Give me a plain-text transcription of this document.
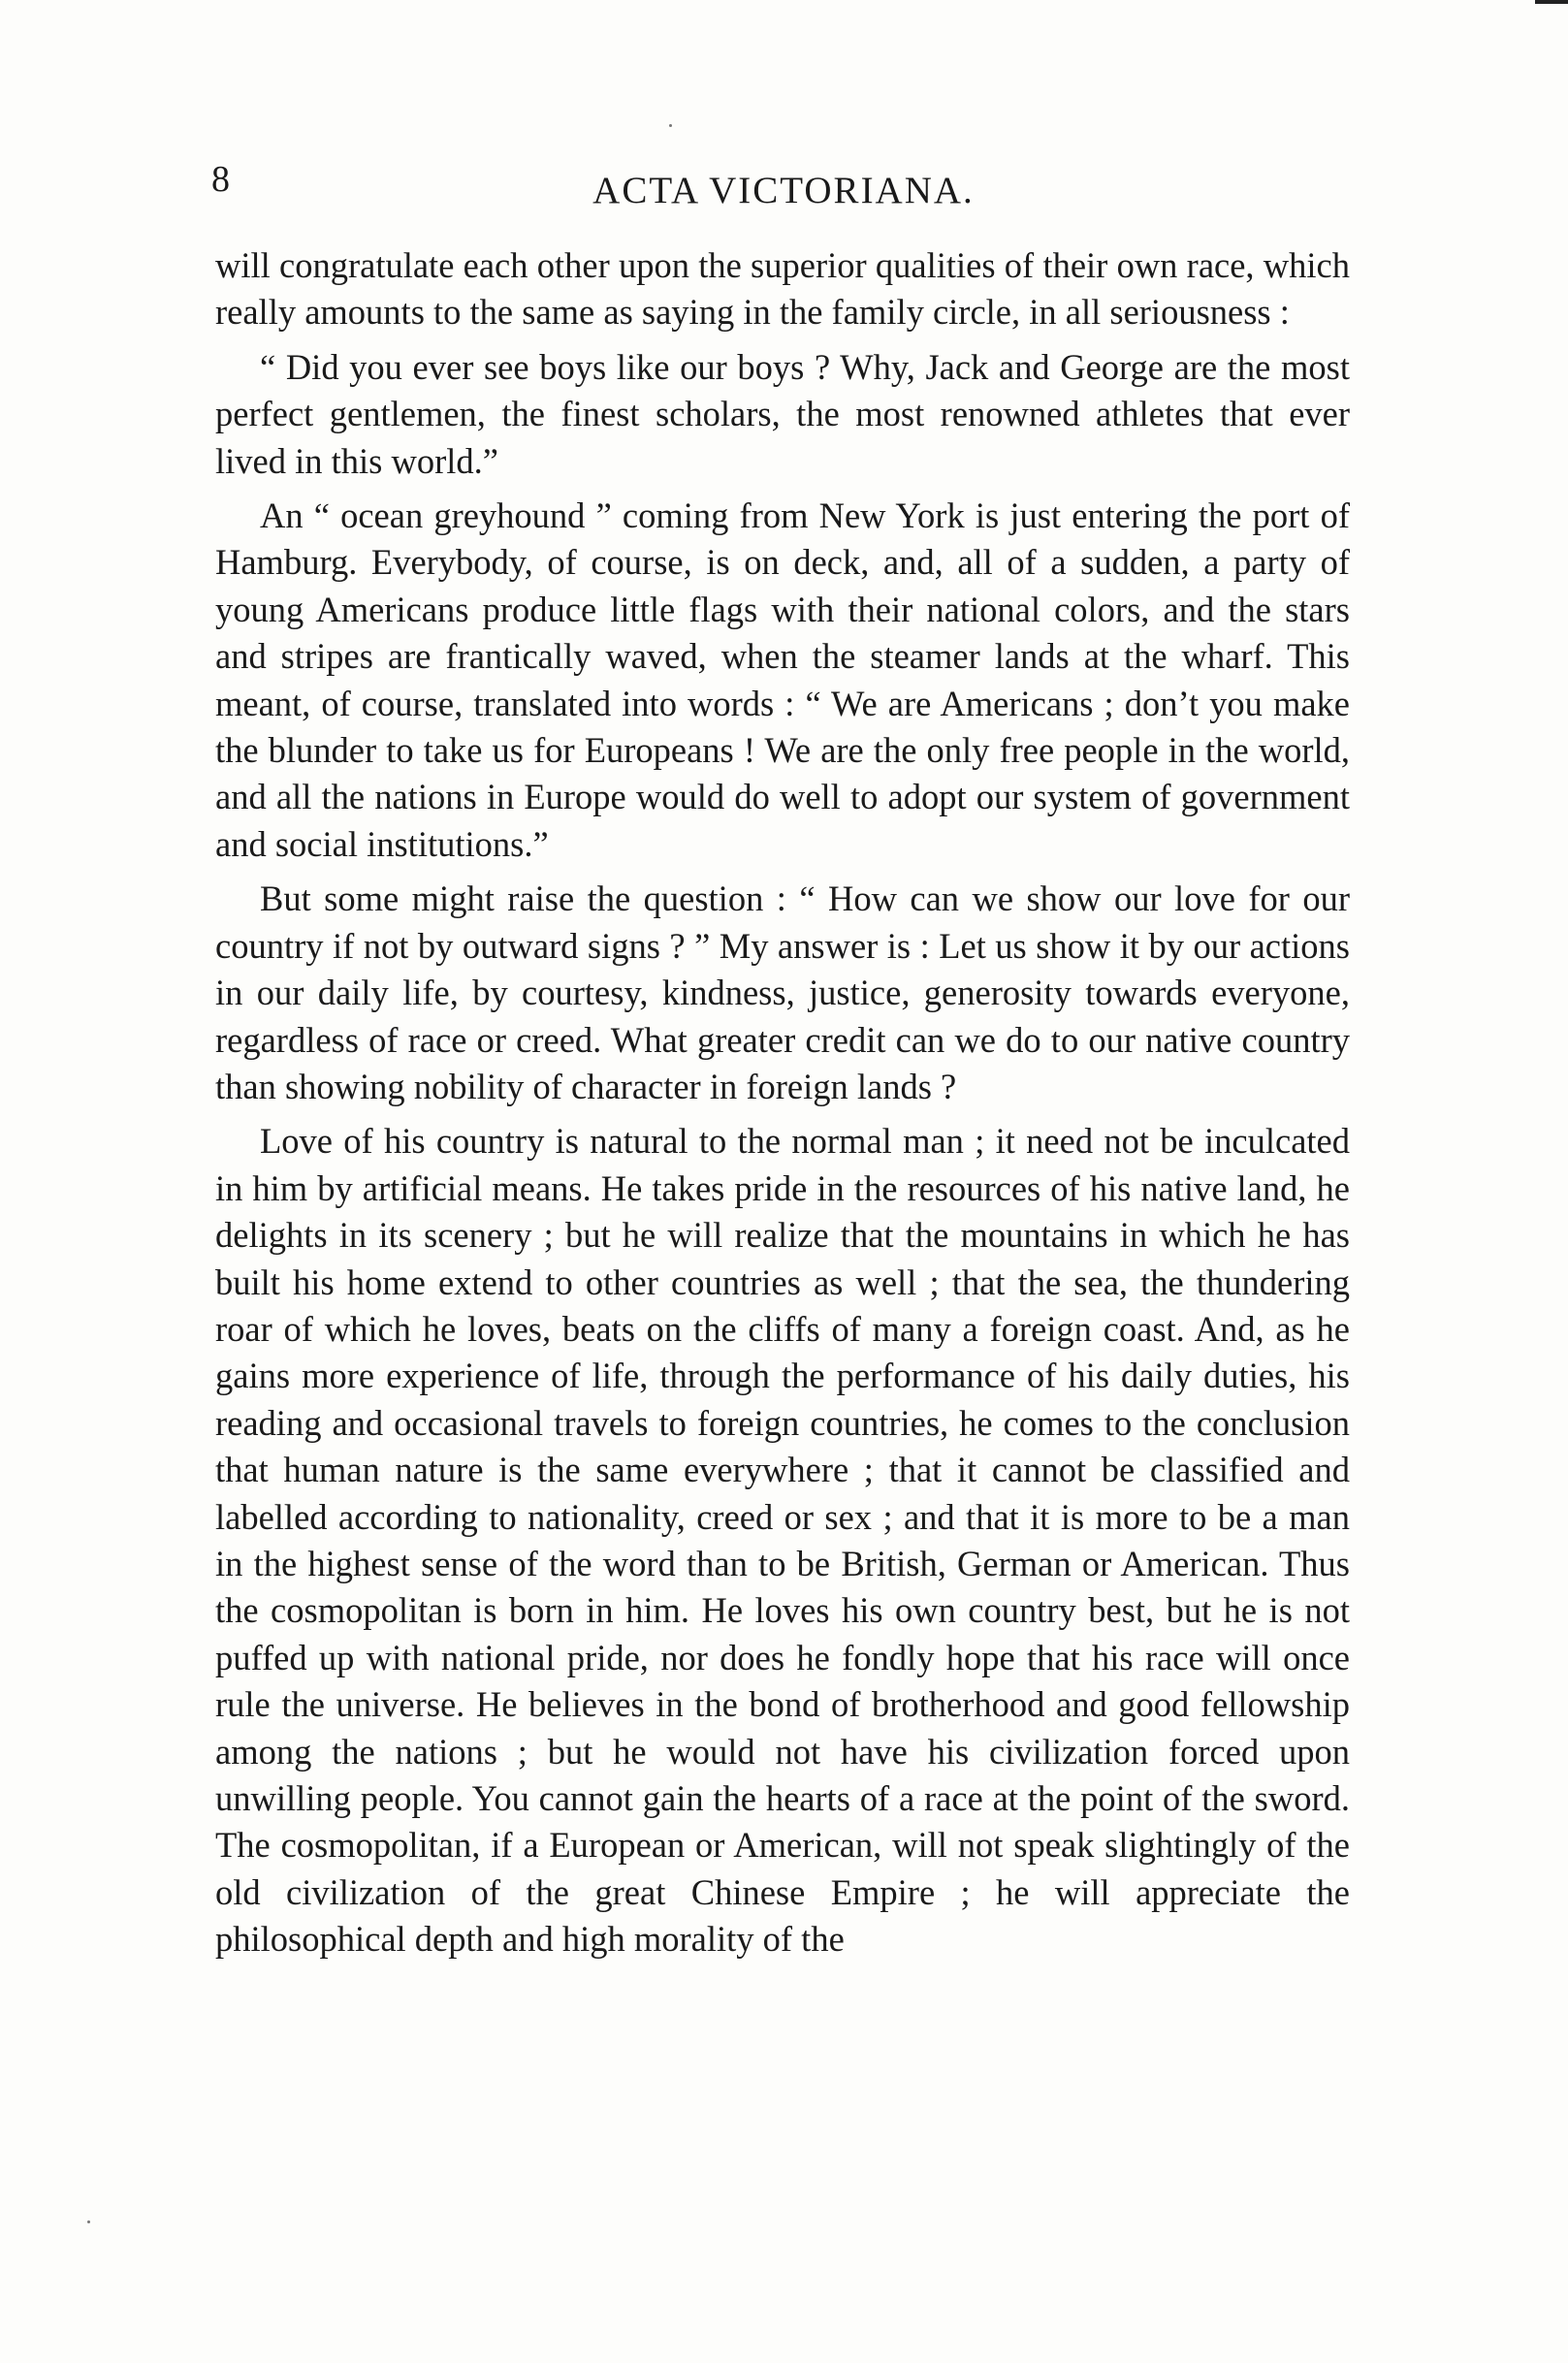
8	ACTA VICTORIANA.

will congratulate each other upon the superior qualities of their own race, which really amounts to the same as saying in the family circle, in all seriousness :

“ Did you ever see boys like our boys ? Why, Jack and George are the most perfect gentlemen, the finest scholars, the most renowned athletes that ever lived in this world.”

An “ ocean greyhound ” coming from New York is just entering the port of Hamburg. Everybody, of course, is on deck, and, all of a sudden, a party of young Americans produce little flags with their national colors, and the stars and stripes are frantically waved, when the steamer lands at the wharf. This meant, of course, translated into words : “ We are Americans ; don’t you make the blunder to take us for Europeans ! We are the only free people in the world, and all the nations in Europe would do well to adopt our system of government and social institutions.”

But some might raise the question : “ How can we show our love for our country if not by outward signs ? ” My answer is : Let us show it by our actions in our daily life, by courtesy, kindness, justice, generosity towards everyone, regardless of race or creed. What greater credit can we do to our native country than showing nobility of character in foreign lands ?

Love of his country is natural to the normal man ; it need not be inculcated in him by artificial means. He takes pride in the resources of his native land, he delights in its scenery ; but he will realize that the mountains in which he has built his home extend to other countries as well ; that the sea, the thundering roar of which he loves, beats on the cliffs of many a foreign coast. And, as he gains more experience of life, through the performance of his daily duties, his reading and occasional travels to foreign countries, he comes to the conclusion that human nature is the same everywhere ; that it cannot be classified and labelled according to nationality, creed or sex ; and that it is more to be a man in the highest sense of the word than to be British, German or American. Thus the cosmopolitan is born in him. He loves his own country best, but he is not puffed up with national pride, nor does he fondly hope that his race will once rule the universe. He believes in the bond of brotherhood and good fellowship among the nations ; but he would not have his civilization forced upon unwilling people. You cannot gain the hearts of a race at the point of the sword. The cosmopolitan, if a European or American, will not speak slightingly of the old civilization of the great Chinese Empire ; he will appreciate the philosophical depth and high morality of the
